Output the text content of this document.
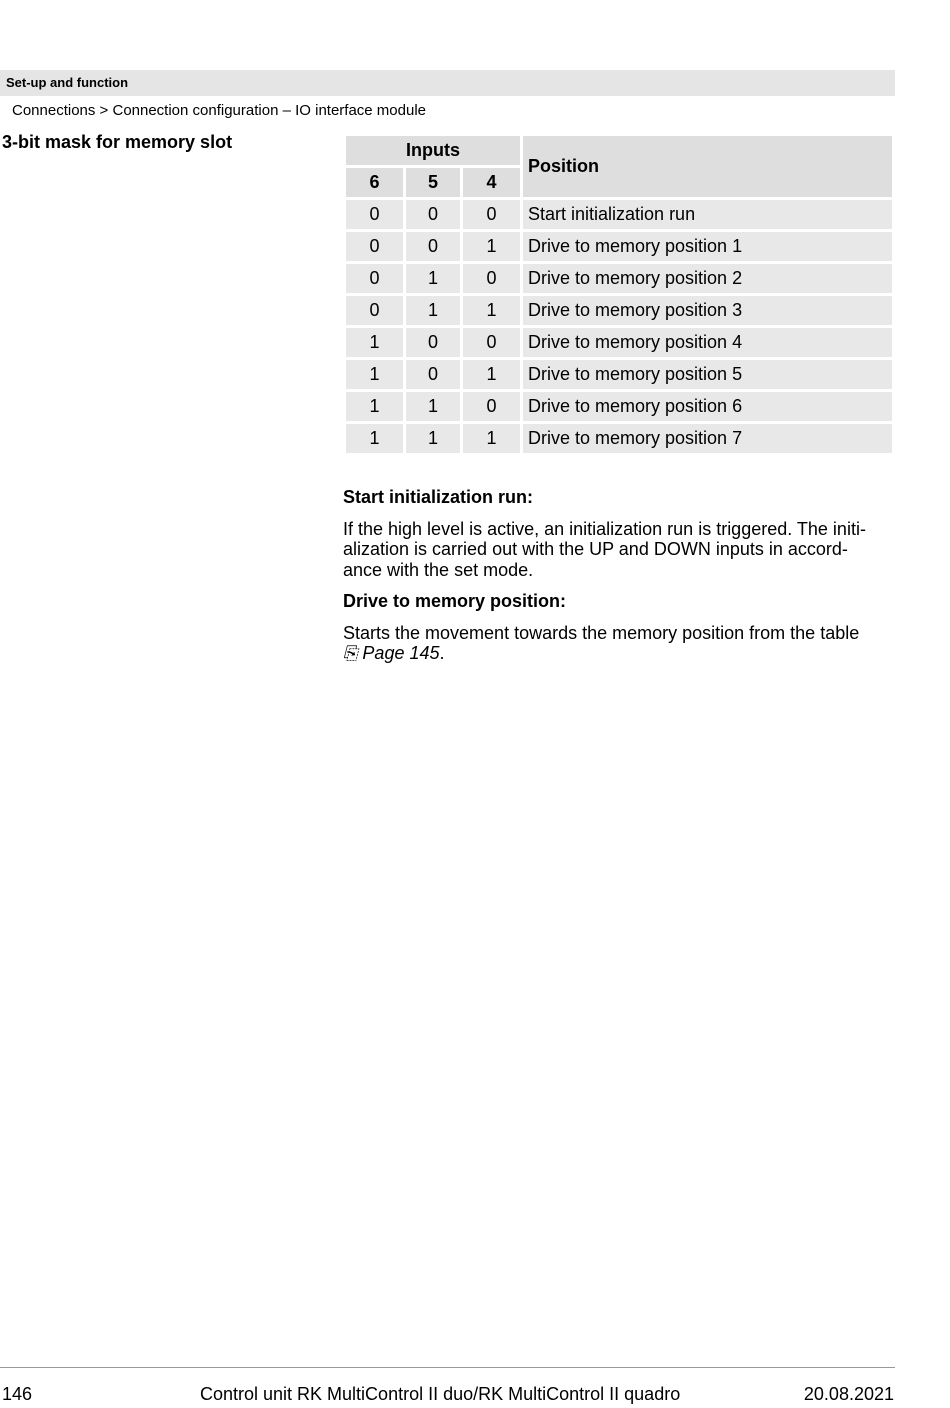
Set-up and function
Connections > Connection configuration – IO interface module
3-bit mask for memory slot	Inputs			Position
6	5	4	
0	0	0	Start initialization run
0	0	1	Drive to memory position 1
0	1	0	Drive to memory position 2
0	1	1	Drive to memory position 3
1	0	0	Drive to memory position 4
1	0	1	Drive to memory position 5
1	1	0	Drive to memory position 6
1	1	1	Drive to memory position 7
Start initialization run:

If the high level is active, an initialization run is triggered. The initi-
alization is carried out with the UP and DOWN inputs in accord-
ance with the set mode.

Drive to memory position:

Starts the movement towards the memory position from the table
⎘ Page 145.

146	Control unit RK MultiControl II duo/RK MultiControl II quadro	20.08.2021
